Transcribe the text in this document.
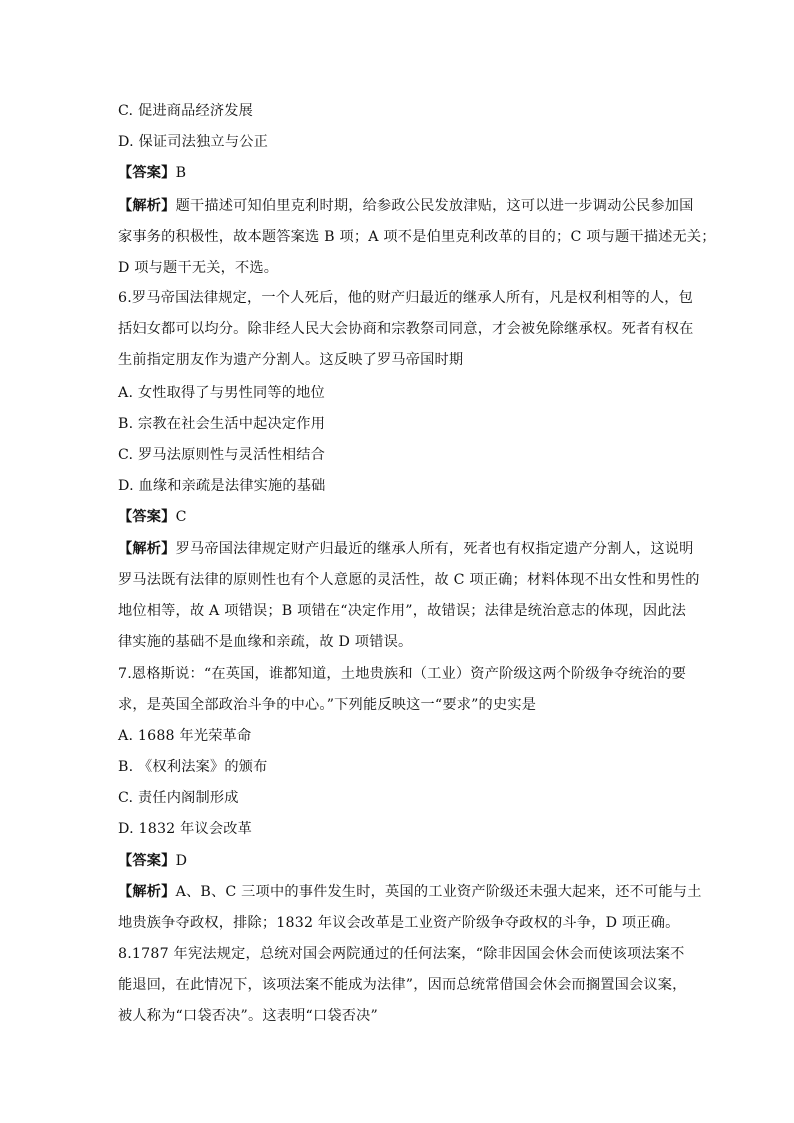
C. 促进商品经济发展
D. 保证司法独立与公正
【答案】B
【解析】题干描述可知伯里克利时期，给参政公民发放津贴，这可以进一步调动公民参加国
家事务的积极性，故本题答案选 B 项；A 项不是伯里克利改革的目的；C 项与题干描述无关；
D 项与题干无关，不选。
6.罗马帝国法律规定，一个人死后，他的财产归最近的继承人所有，凡是权利相等的人，包
括妇女都可以均分。除非经人民大会协商和宗教祭司同意，才会被免除继承权。死者有权在
生前指定朋友作为遗产分割人。这反映了罗马帝国时期
A. 女性取得了与男性同等的地位
B. 宗教在社会生活中起决定作用
C. 罗马法原则性与灵活性相结合
D. 血缘和亲疏是法律实施的基础
【答案】C
【解析】罗马帝国法律规定财产归最近的继承人所有，死者也有权指定遗产分割人，这说明
罗马法既有法律的原则性也有个人意愿的灵活性，故 C 项正确；材料体现不出女性和男性的
地位相等，故 A 项错误；B 项错在“决定作用”，故错误；法律是统治意志的体现，因此法
律实施的基础不是血缘和亲疏，故 D 项错误。
7.恩格斯说：“在英国，谁都知道，土地贵族和（工业）资产阶级这两个阶级争夺统治的要
求，是英国全部政治斗争的中心。”下列能反映这一“要求”的史实是
A. 1688 年光荣革命
B. 《权利法案》的颁布
C. 责任内阁制形成
D. 1832 年议会改革
【答案】D
【解析】A、B、C 三项中的事件发生时，英国的工业资产阶级还未强大起来，还不可能与土
地贵族争夺政权，排除；1832 年议会改革是工业资产阶级争夺政权的斗争，D 项正确。
8.1787 年宪法规定，总统对国会两院通过的任何法案，“除非因国会休会而使该项法案不
能退回，在此情况下，该项法案不能成为法律”，因而总统常借国会休会而搁置国会议案，
被人称为“口袋否决”。这表明“口袋否决”
